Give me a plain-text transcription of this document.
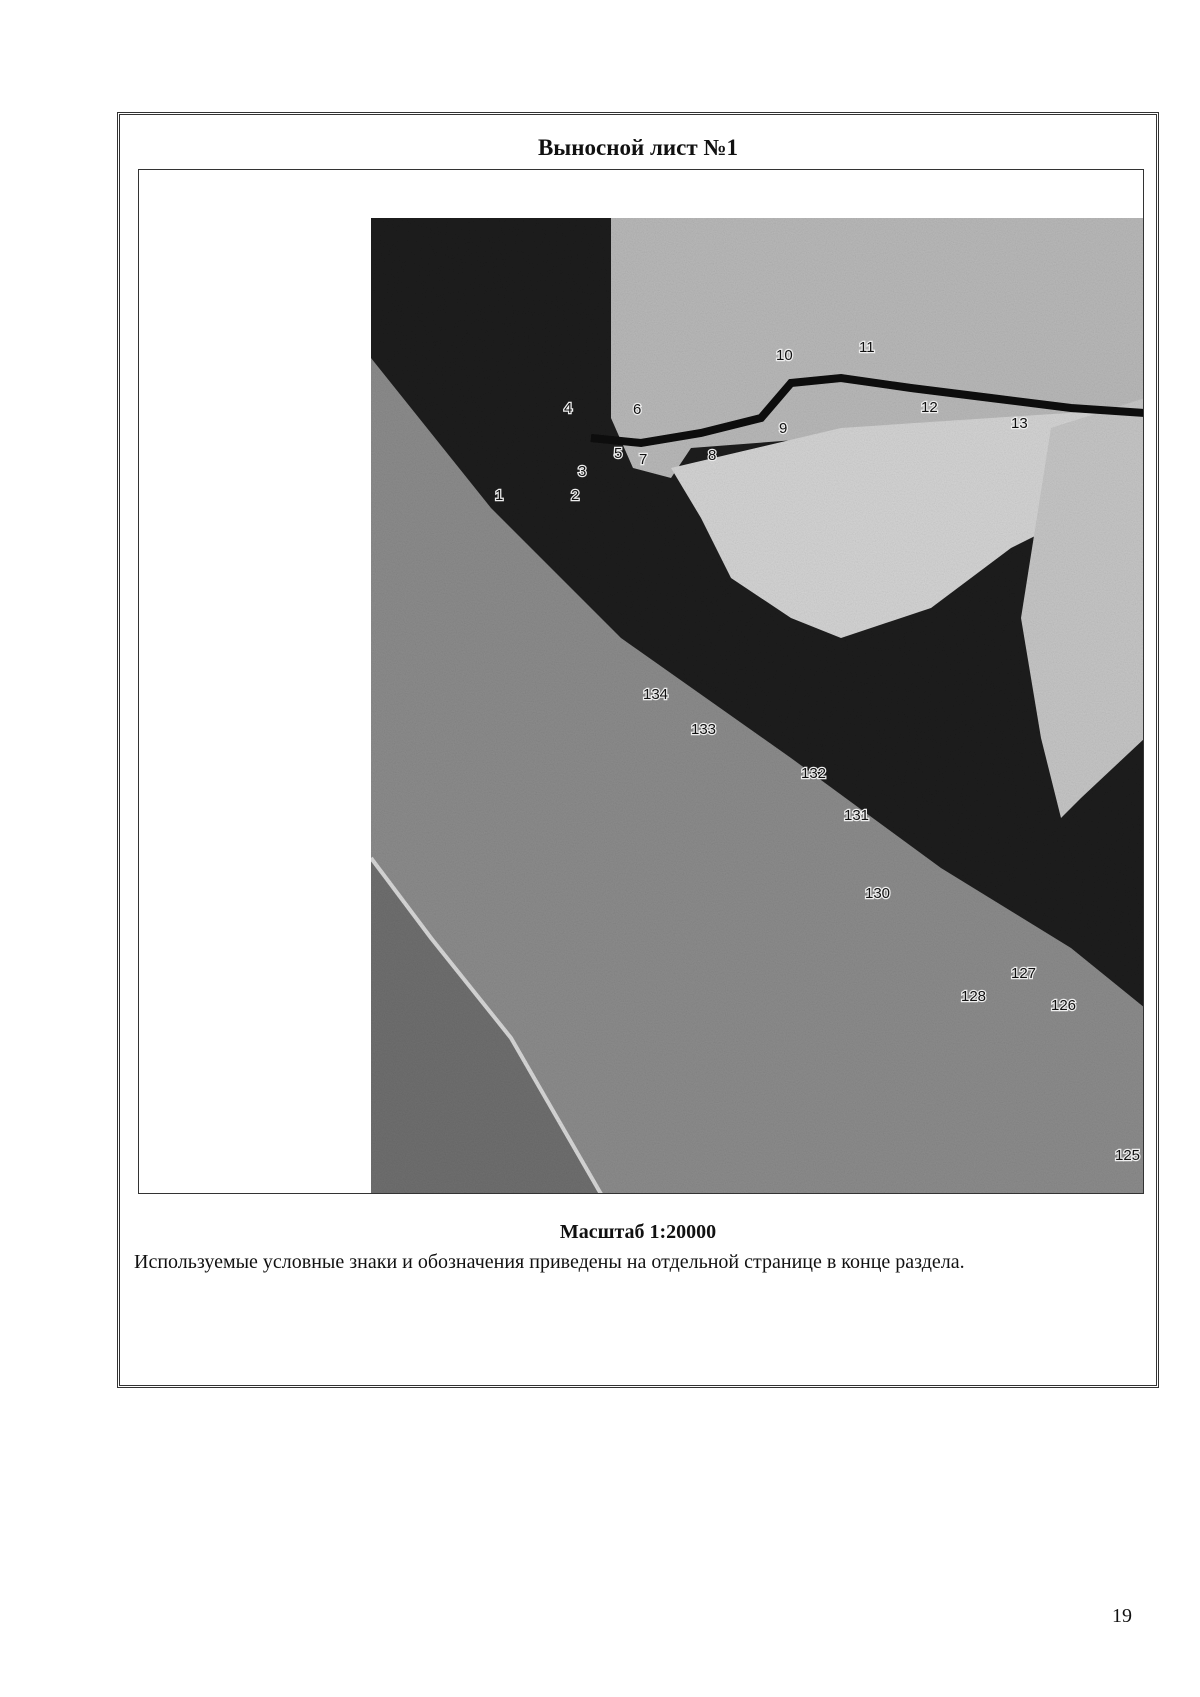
Выносной лист №1
1	2
3
4
5
6
7	8
9
10	11
12
13
125
126
127
128
130
131
132
133
134
Масштаб 1:20000
Используемые условные знаки и обозначения приведены на отдельной странице в конце раздела.
19
